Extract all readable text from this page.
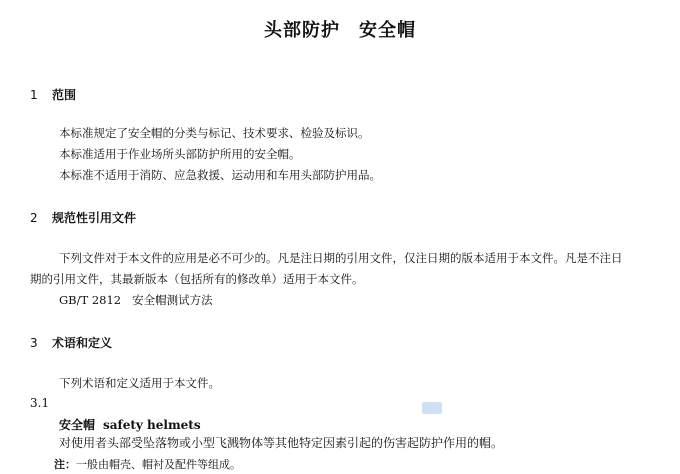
头部防护　安全帽
1 范围
本标准规定了安全帽的分类与标记、技术要求、检验及标识。
本标准适用于作业场所头部防护所用的安全帽。
本标准不适用于消防、应急救援、运动用和车用头部防护用品。
2 规范性引用文件
下列文件对于本文件的应用是必不可少的。凡是注日期的引用文件，仅注日期的版本适用于本文件。凡是不注日期的引用文件，其最新版本（包括所有的修改单）适用于本文件。
GB/T 2812 安全帽测试方法
3 术语和定义
下列术语和定义适用于本文件。
3.1
安全帽 safety helmets
对使用者头部受坠落物或小型飞溅物体等其他特定因素引起的伤害起防护作用的帽。
注：一般由帽壳、帽衬及配件等组成。
